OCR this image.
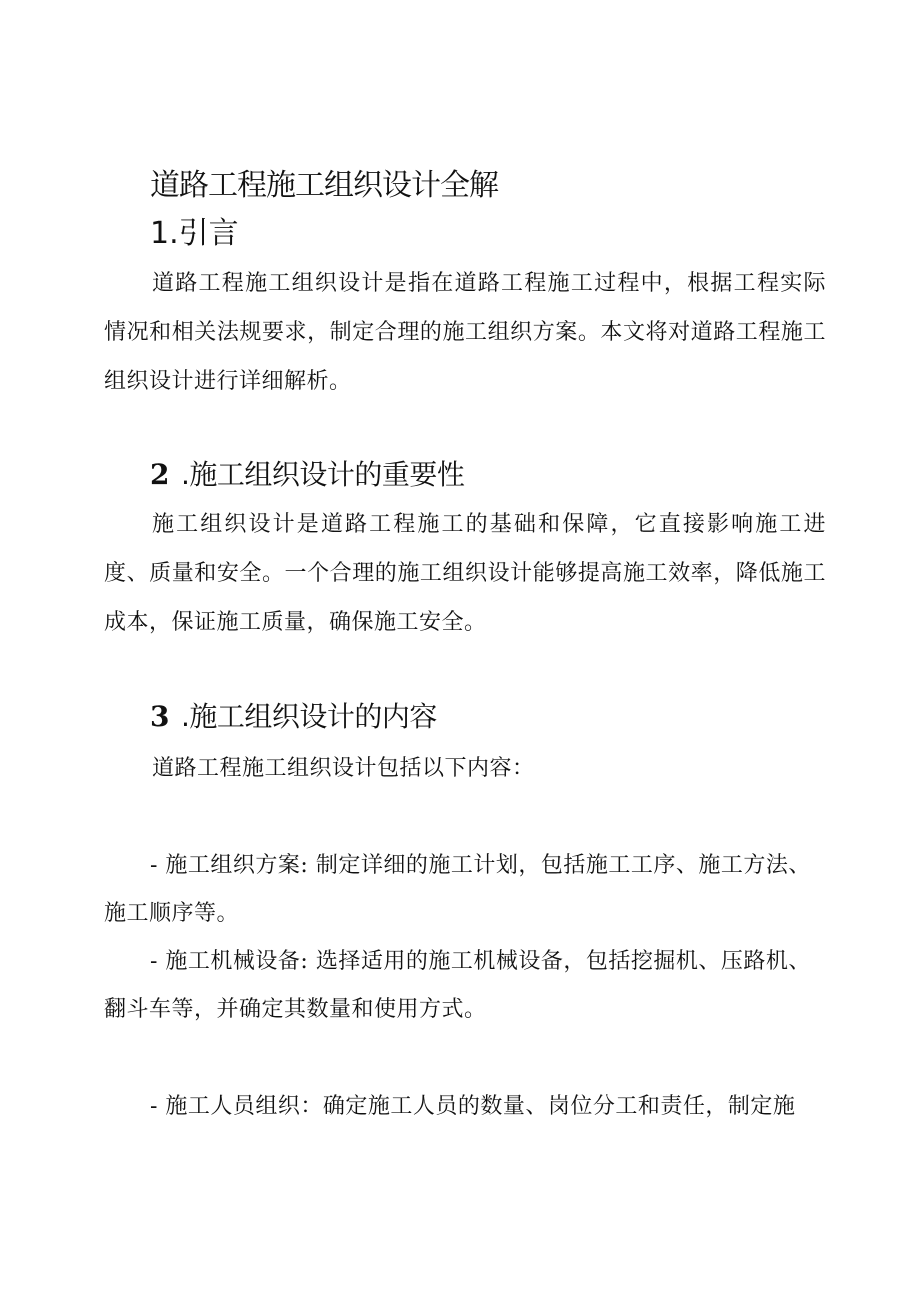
道路工程施工组织设计全解
1.引言
道路工程施工组织设计是指在道路工程施工过程中，根据工程实际情况和相关法规要求，制定合理的施工组织方案。本文将对道路工程施工组织设计进行详细解析。
2 .施工组织设计的重要性
施工组织设计是道路工程施工的基础和保障，它直接影响施工进度、质量和安全。一个合理的施工组织设计能够提高施工效率，降低施工成本，保证施工质量，确保施工安全。
3 .施工组织设计的内容
道路工程施工组织设计包括以下内容：
- 施工组织方案: 制定详细的施工计划，包括施工工序、施工方法、
施工顺序等。
- 施工机械设备: 选择适用的施工机械设备，包括挖掘机、压路机、
翻斗车等，并确定其数量和使用方式。
- 施工人员组织：确定施工人员的数量、岗位分工和责任，制定施
